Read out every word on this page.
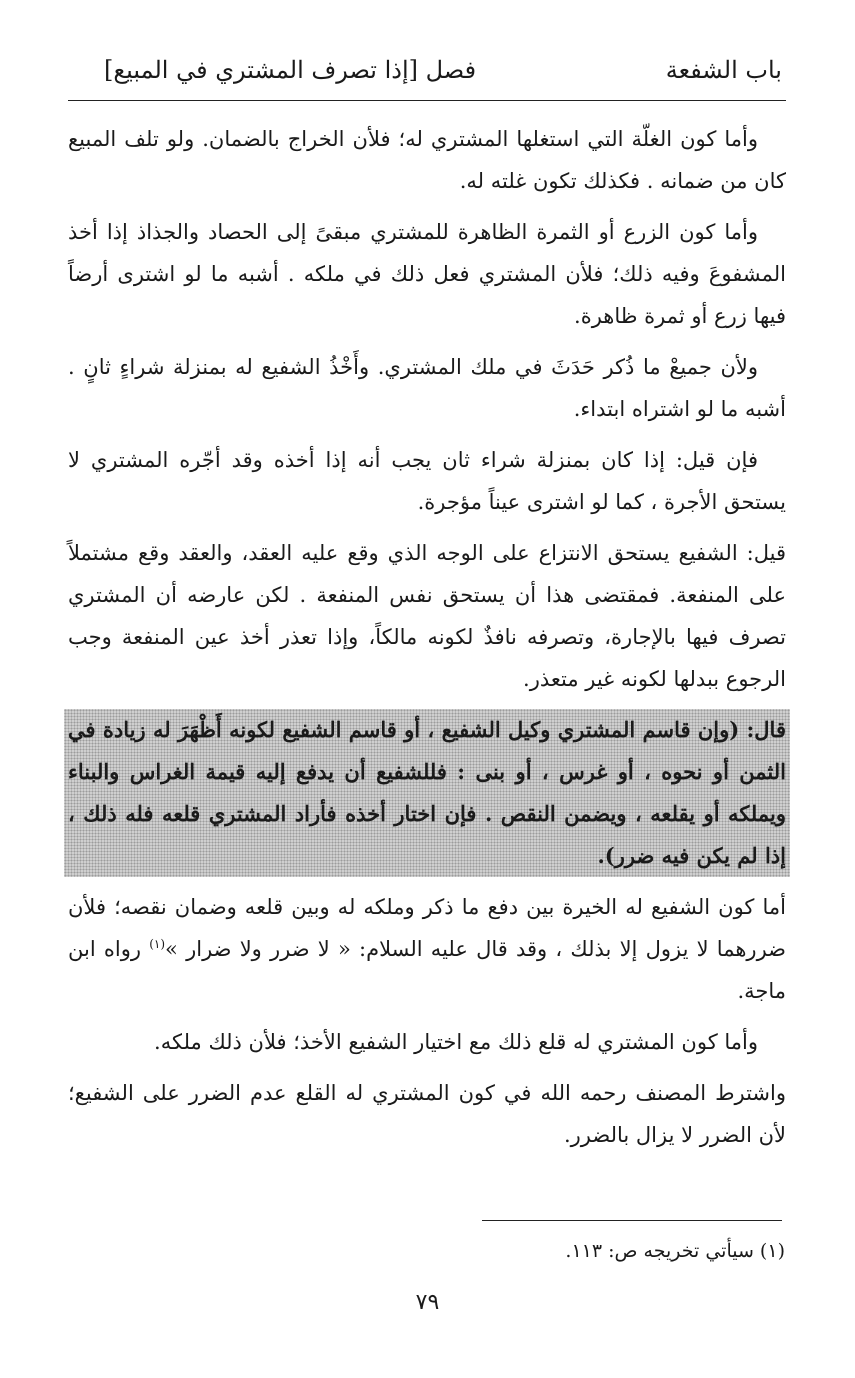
باب الشفعة
فصل [إذا تصرف المشتري في المبيع]

وأما كون الغلّة التي استغلها المشتري له؛ فلأن الخراج بالضمان. ولو تلف المبيع كان من ضمانه . فكذلك تكون غلته له.

وأما كون الزرع أو الثمرة الظاهرة للمشتري مبقىً إلى الحصاد والجذاذ إذا أخذ المشفوعَ وفيه ذلك؛ فلأن المشتري فعل ذلك في ملكه . أشبه ما لو اشترى أرضاً فيها زرع أو ثمرة ظاهرة.

ولأن جميعْ ما ذُكر حَدَثَ في ملك المشتري. وأَخْذُ الشفيع له بمنزلة شراءٍ ثانٍ . أشبه ما لو اشتراه ابتداء.

فإن قيل: إذا كان بمنزلة شراء ثان يجب أنه إذا أخذه وقد أجّره المشتري لا يستحق الأجرة ، كما لو اشترى عيناً مؤجرة.

قيل: الشفيع يستحق الانتزاع على الوجه الذي وقع عليه العقد، والعقد وقع مشتملاً على المنفعة. فمقتضى هذا أن يستحق نفس المنفعة . لكن عارضه أن المشتري تصرف فيها بالإجارة، وتصرفه نافذٌ لكونه مالكاً، وإذا تعذر أخذ عين المنفعة وجب الرجوع ببدلها لكونه غير متعذر.

قال: (وإن قاسم المشتري وكيل الشفيع ، أو قاسم الشفيع لكونه أَظْهَرَ له زيادة في الثمن أو نحوه ، أو غرس ، أو بنى : فللشفيع أن يدفع إليه قيمة الغراس والبناء ويملكه أو يقلعه ، ويضمن النقص . فإن اختار أخذه فأراد المشتري قلعه فله ذلك ، إذا لم يكن فيه ضرر).

أما كون الشفيع له الخيرة بين دفع ما ذكر وملكه له وبين قلعه وضمان نقصه؛ فلأن ضررهما لا يزول إلا بذلك ، وقد قال عليه السلام: « لا ضرر ولا ضرار »$^{(١)}$ رواه ابن ماجة.

وأما كون المشتري له قلع ذلك مع اختيار الشفيع الأخذ؛ فلأن ذلك ملكه.

واشترط المصنف رحمه الله في كون المشتري له القلع عدم الضرر على الشفيع؛ لأن الضرر لا يزال بالضرر.

(١) سيأتي تخريجه ص: ١١٣.
٧٩
